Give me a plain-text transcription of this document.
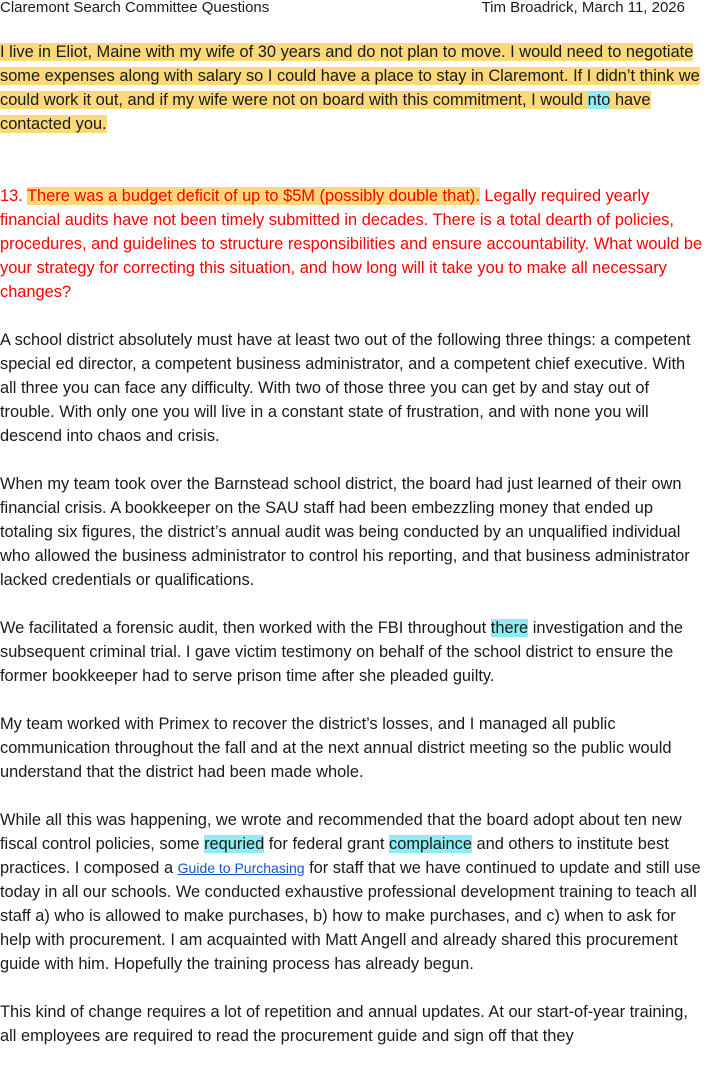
Claremont Search Committee Questions	Tim Broadrick, March 11, 2026

I live in Eliot, Maine with my wife of 30 years and do not plan to move. I would need to negotiate some expenses along with salary so I could have a place to stay in Claremont. If I didn’t think we could work it out, and if my wife were not on board with this commitment, I would nto have contacted you.

13. There was a budget deficit of up to $5M (possibly double that). Legally required yearly financial audits have not been timely submitted in decades. There is a total dearth of policies, procedures, and guidelines to structure responsibilities and ensure accountability. What would be your strategy for correcting this situation, and how long will it take you to make all necessary changes?

A school district absolutely must have at least two out of the following three things: a competent special ed director, a competent business administrator, and a competent chief executive. With all three you can face any difficulty. With two of those three you can get by and stay out of trouble. With only one you will live in a constant state of frustration, and with none you will descend into chaos and crisis.

When my team took over the Barnstead school district, the board had just learned of their own financial crisis. A bookkeeper on the SAU staff had been embezzling money that ended up totaling six figures, the district’s annual audit was being conducted by an unqualified individual who allowed the business administrator to control his reporting, and that business administrator lacked credentials or qualifications.

We facilitated a forensic audit, then worked with the FBI throughout there investigation and the subsequent criminal trial. I gave victim testimony on behalf of the school district to ensure the former bookkeeper had to serve prison time after she pleaded guilty.

My team worked with Primex to recover the district’s losses, and I managed all public communication throughout the fall and at the next annual district meeting so the public would understand that the district had been made whole.

While all this was happening, we wrote and recommended that the board adopt about ten new fiscal control policies, some requried for federal grant complaince and others to institute best practices. I composed a Guide to Purchasing for staff that we have continued to update and still use today in all our schools. We conducted exhaustive professional development training to teach all staff a) who is allowed to make purchases, b) how to make purchases, and c) when to ask for help with procurement. I am acquainted with Matt Angell and already shared this procurement guide with him. Hopefully the training process has already begun.

This kind of change requires a lot of repetition and annual updates. At our start-of-year training, all employees are required to read the procurement guide and sign off that they
